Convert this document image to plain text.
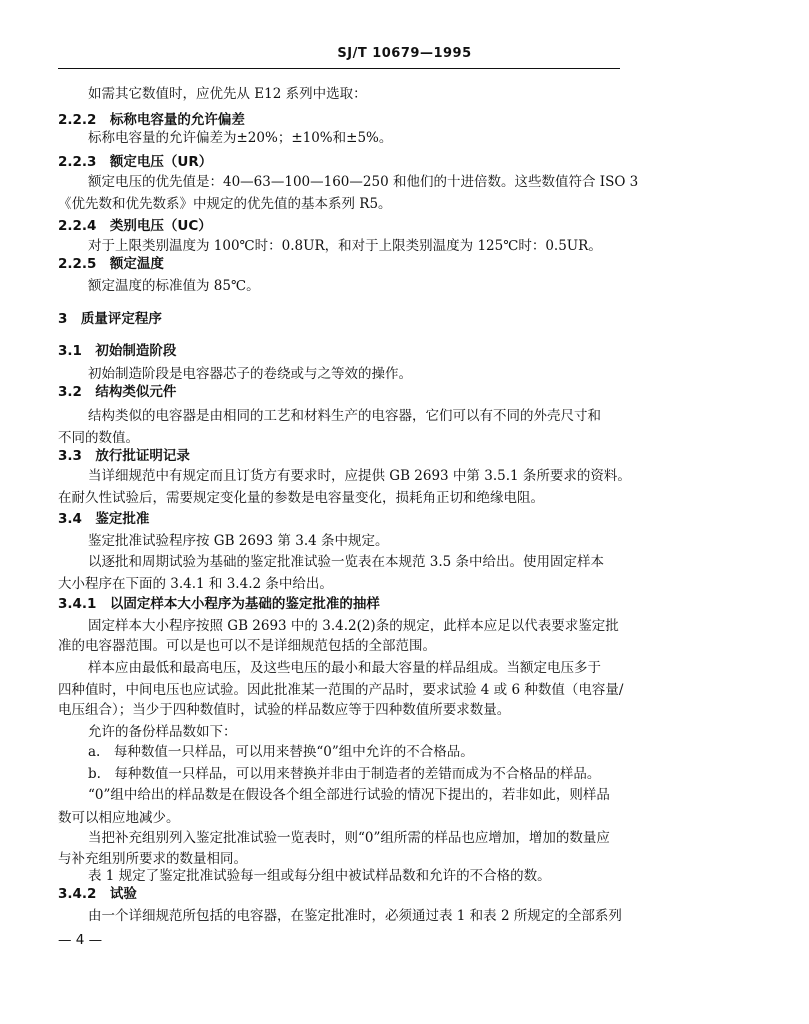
SJ/T 10679—1995
如需其它数值时，应优先从 E12 系列中选取：
2.2.2　标称电容量的允许偏差
标称电容量的允许偏差为±20%；±10%和±5%。
2.2.3　额定电压（UR）
额定电压的优先值是：40—63—100—160—250 和他们的十进倍数。这些数值符合 ISO 3
《优先数和优先数系》中规定的优先值的基本系列 R5。
2.2.4　类别电压（UC）
对于上限类别温度为 100℃时：0.8UR，和对于上限类别温度为 125℃时：0.5UR。
2.2.5　额定温度
额定温度的标准值为 85℃。
3　质量评定程序
3.1　初始制造阶段
初始制造阶段是电容器芯子的卷绕或与之等效的操作。
3.2　结构类似元件
结构类似的电容器是由相同的工艺和材料生产的电容器，它们可以有不同的外壳尺寸和
不同的数值。
3.3　放行批证明记录
当详细规范中有规定而且订货方有要求时，应提供 GB 2693 中第 3.5.1 条所要求的资料。
在耐久性试验后，需要规定变化量的参数是电容量变化，损耗角正切和绝缘电阻。
3.4　鉴定批准
鉴定批准试验程序按 GB 2693 第 3.4 条中规定。
以逐批和周期试验为基础的鉴定批准试验一览表在本规范 3.5 条中给出。使用固定样本
大小程序在下面的 3.4.1 和 3.4.2 条中给出。
3.4.1　以固定样本大小程序为基础的鉴定批准的抽样
固定样本大小程序按照 GB 2693 中的 3.4.2(2)条的规定，此样本应足以代表要求鉴定批
准的电容器范围。可以是也可以不是详细规范包括的全部范围。
样本应由最低和最高电压，及这些电压的最小和最大容量的样品组成。当额定电压多于
四种值时，中间电压也应试验。因此批准某一范围的产品时，要求试验 4 或 6 种数值（电容量/
电压组合）；当少于四种数值时，试验的样品数应等于四种数值所要求数量。
允许的备份样品数如下：
a.　每种数值一只样品，可以用来替换“0”组中允许的不合格品。
b.　每种数值一只样品，可以用来替换并非由于制造者的差错而成为不合格品的样品。
“0”组中给出的样品数是在假设各个组全部进行试验的情况下提出的，若非如此，则样品
数可以相应地减少。
当把补充组别列入鉴定批准试验一览表时，则“0”组所需的样品也应增加，增加的数量应
与补充组别所要求的数量相同。
表 1 规定了鉴定批准试验每一组或每分组中被试样品数和允许的不合格的数。
3.4.2　试验
由一个详细规范所包括的电容器，在鉴定批准时，必须通过表 1 和表 2 所规定的全部系列
— 4 —
